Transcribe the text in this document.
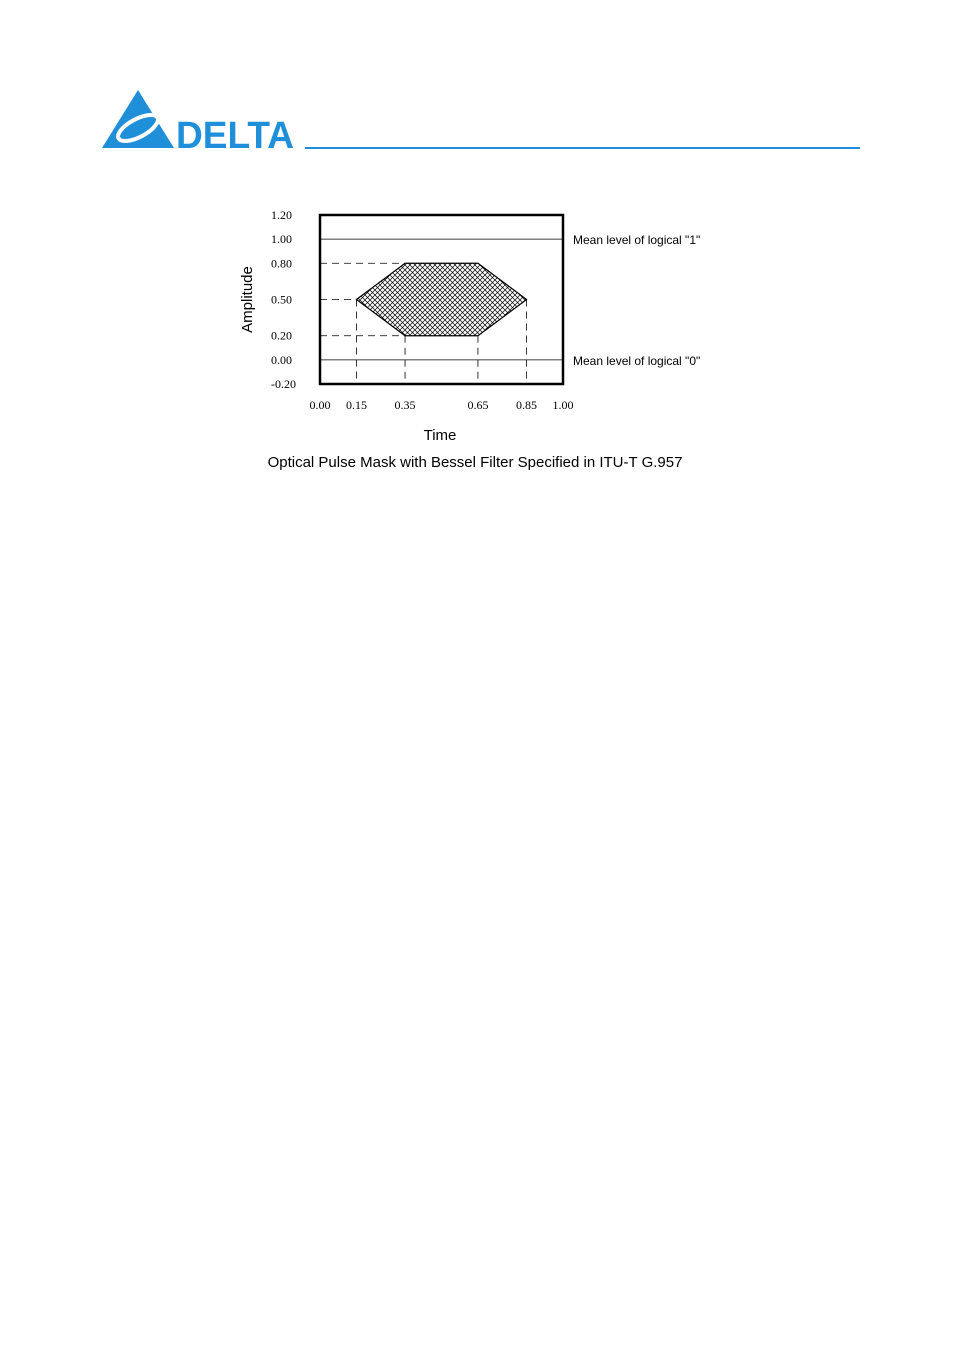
DELTA
1.20
1.00
0.80
0.50
0.20
0.00
-0.20
0.00 0.15 0.35	0.65 0.85 1.00
Mean level of logical "1"
Mean level of logical "0"
Amplitude
Time
Optical Pulse Mask with Bessel Filter Specified in ITU-T G.957
